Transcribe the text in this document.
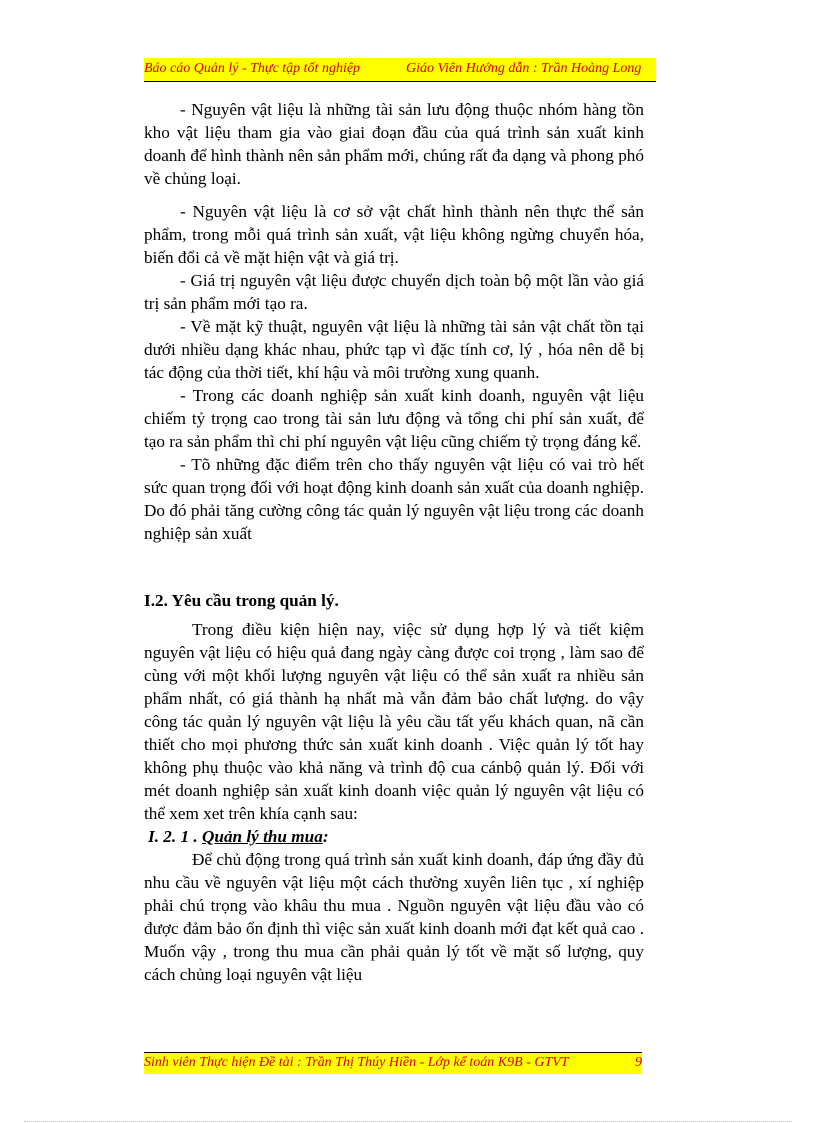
Báo cáo Quản lý - Thực tập tốt nghiệp	Giáo Viên Hướng dẫn : Trần Hoàng Long

- Nguyên vật liệu là những tài sản lưu động thuộc nhóm hàng tồn kho vật liệu tham gia vào giai đoạn đầu của quá trình sản xuất kinh doanh để hình thành nên sản phẩm mới, chúng rất đa dạng và phong phó về chủng loại.

- Nguyên vật liệu là cơ sở vật chất hình thành nên thực thể sản phẩm, trong mỗi quá trình sản xuất, vật liệu không ngừng chuyển hóa, biến đổi cả về mặt hiện vật và giá trị.

- Giá trị nguyên vật liệu được chuyển dịch toàn bộ một lần vào giá trị sản phẩm mới tạo ra.

- Về mặt kỹ thuật, nguyên vật liệu là những tài sản vật chất tồn tại dưới nhiều dạng khác nhau, phức tạp vì đặc tính cơ, lý , hóa nên dễ bị tác động của thời tiết, khí hậu và môi trường xung quanh.

- Trong các doanh nghiệp sản xuất kinh doanh, nguyên vật liệu chiếm tỷ trọng cao trong tài sản lưu động và tổng chi phí sản xuất, để tạo ra sản phẩm thì chi phí nguyên vật liệu cũng chiếm tỷ trọng đáng kể.

- Tõ những đặc điểm trên cho thấy nguyên vật liệu có vai trò hết sức quan trọng đối với hoạt động kinh doanh sản xuất của doanh nghiệp. Do đó phải tăng cường công tác quản lý nguyên vật liệu trong các doanh nghiệp sản xuất

I.2. Yêu cầu trong quản lý.

Trong điều kiện hiện nay, việc sử dụng hợp lý và tiết kiệm nguyên vật liệu có hiệu quả đang ngày càng được coi trọng , làm sao để cùng với một khối lượng nguyên vật liệu có thể sản xuất ra nhiều sản phẩm nhất, có giá thành hạ nhất mà vẫn đảm bảo chất lượng. do vậy công tác quản lý nguyên vật liệu là yêu cầu tất yếu khách quan, nã cần thiết cho mọi phương thức sản xuất kinh doanh . Việc quản lý tốt hay không phụ thuộc vào khả năng và trình độ cua cánbộ quản lý. Đối với mét doanh nghiệp sản xuất kinh doanh việc quản lý nguyên vật liệu có thể xem xet trên khía cạnh sau:

I. 2. 1 . Quản lý thu mua:

Để chủ động trong quá trình sản xuất kinh doanh, đáp ứng đầy đủ nhu cầu về nguyên vật liệu một cách thường xuyên liên tục , xí nghiệp phải chú trọng vào khâu thu mua . Nguồn nguyên vật liệu đầu vào có được đảm bảo ổn định thì việc sản xuất kinh doanh mới đạt kết quả cao . Muốn vậy , trong thu mua cần phải quản lý tốt về mặt số lượng, quy cách chủng loại nguyên vật liệu

Sinh viên Thực hiện Đề tài : Trần Thị Thúy Hiền - Lớp kế toán K9B - GTVT	9
